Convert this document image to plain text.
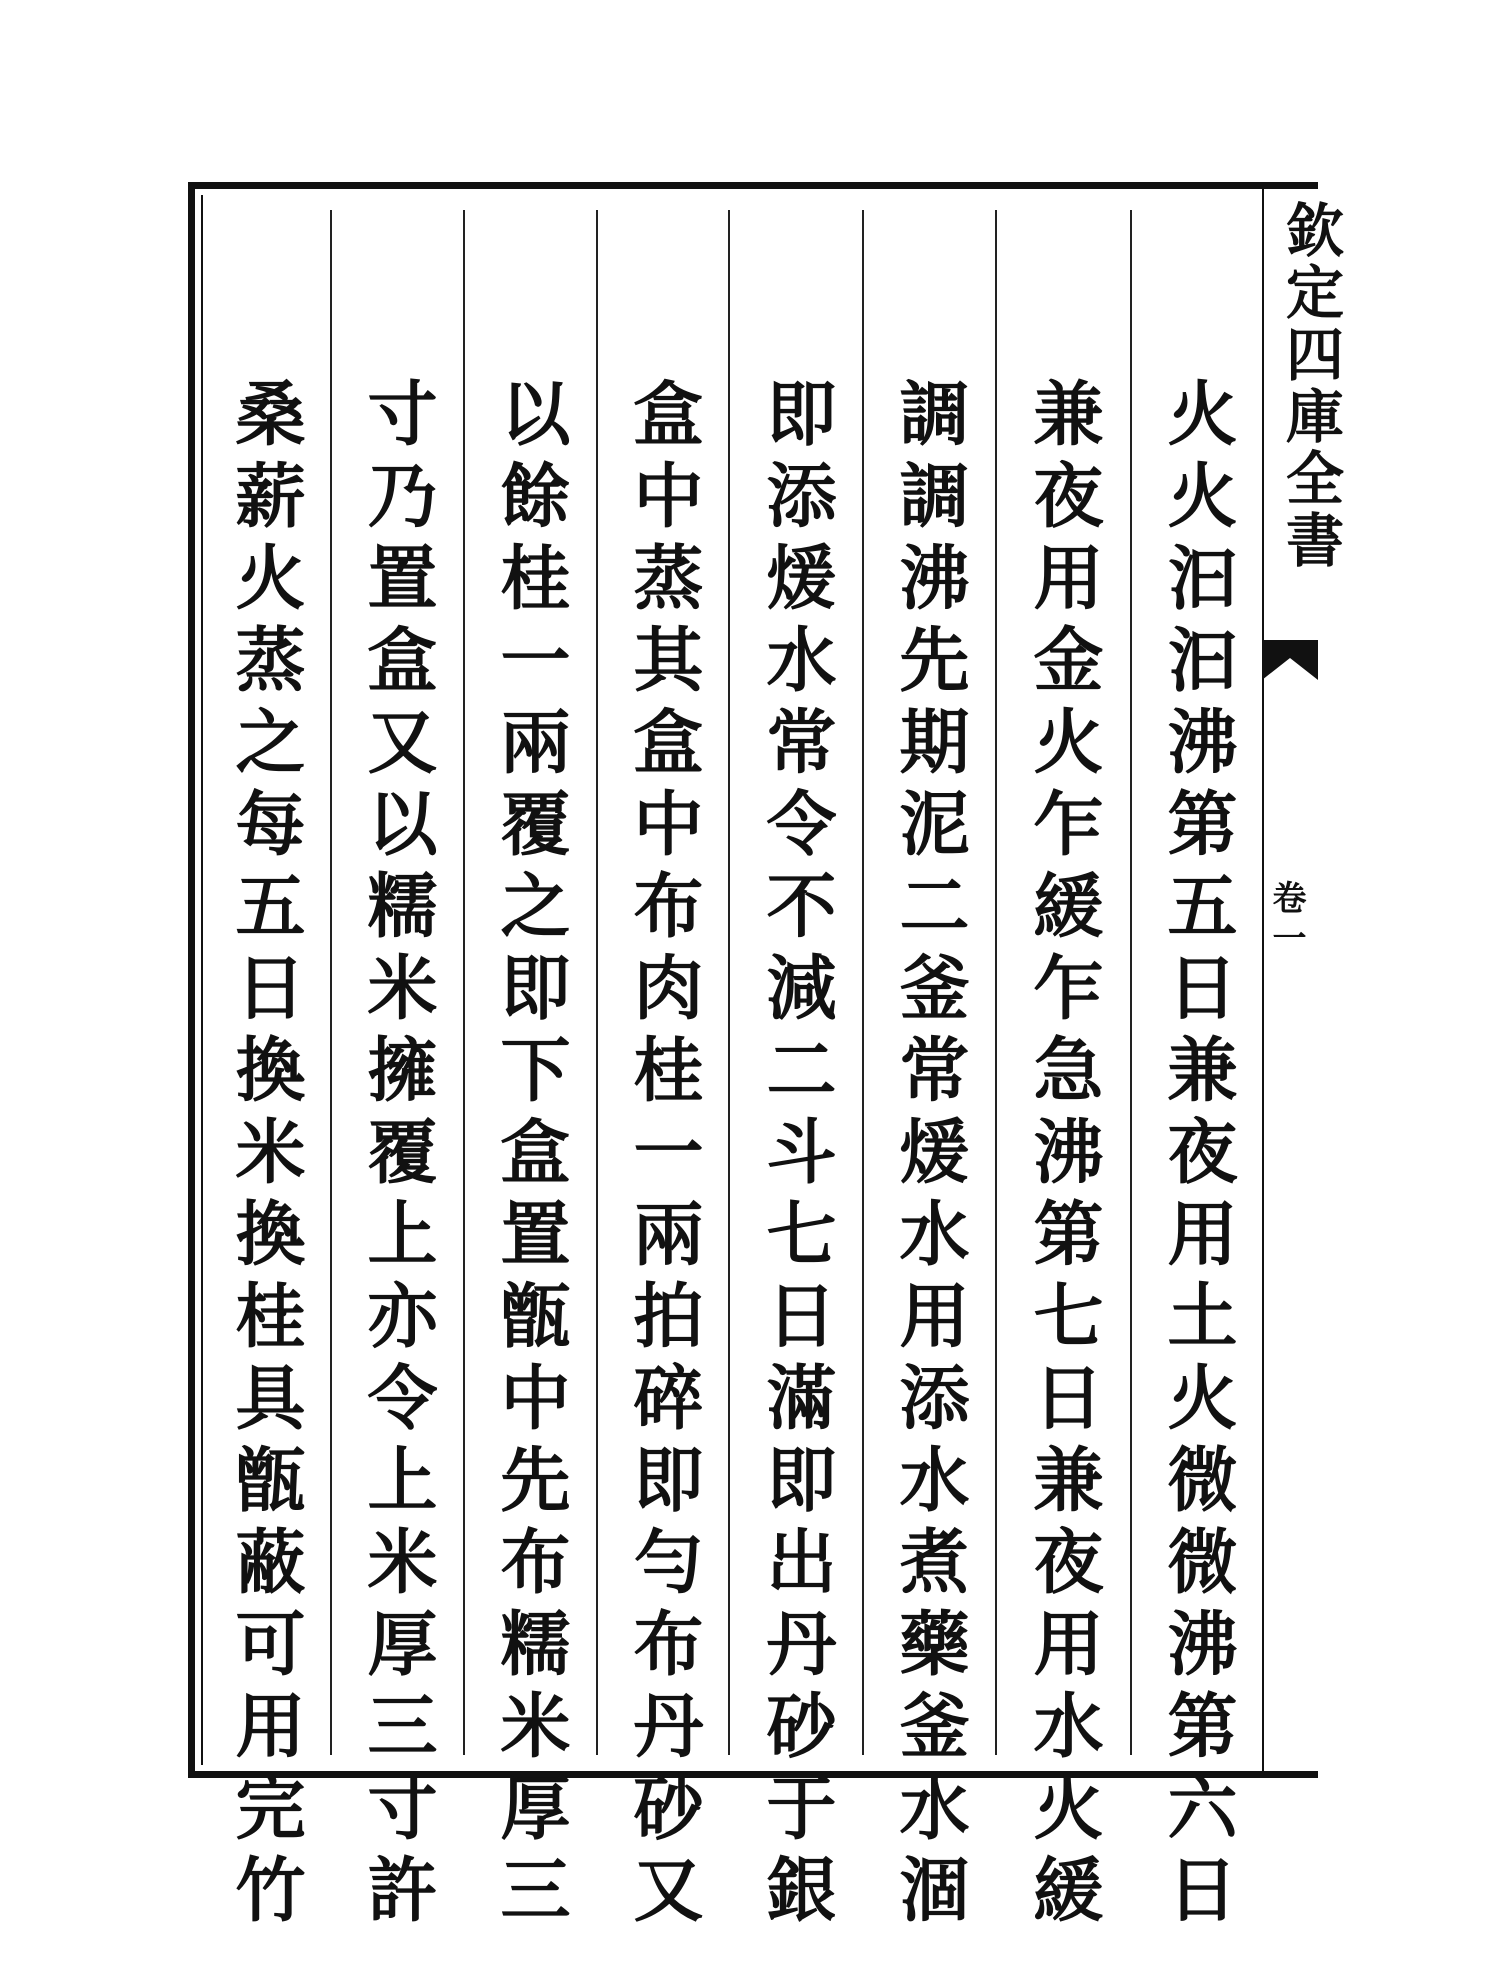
欽定四庫全書
卷一
火火汩汩沸第五日兼夜用土火微微沸第六日
兼夜用金火乍緩乍急沸第七日兼夜用水火緩
調調沸先期泥二釜常煖水用添水煮藥釜水涸
即添煖水常令不減二斗七日滿即出丹砂于銀
盒中蒸其盒中布肉桂一兩拍碎即勻布丹砂又
以餘桂一兩覆之即下盒置甑中先布糯米厚三
寸乃置盒又以糯米擁覆上亦令上米厚三寸許
桑薪火蒸之每五日換米換桂具甑蔽可用完竹
